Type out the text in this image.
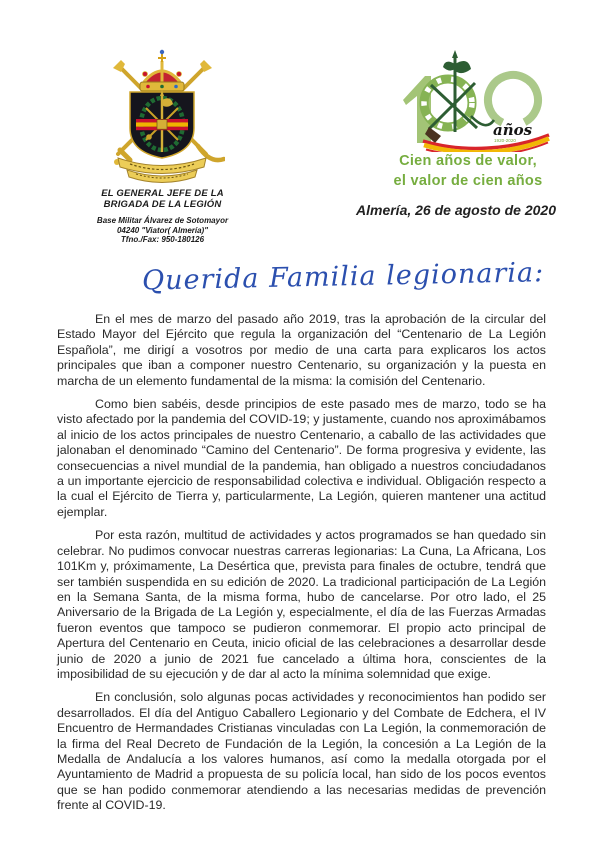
EL GENERAL JEFE DE LA
BRIGADA DE LA LEGIÓN
Base Militar Álvarez de Sotomayor
04240 "Viator( Almería)"
Tfno./Fax: 950-180126
años
1920-2020
Cien años de valor,
el valor de cien años
Almería, 26 de agosto de 2020
Querida Familia legionaria:

En el mes de marzo del pasado año 2019, tras la aprobación de la circular del Estado Mayor del Ejército que regula la organización del “Centenario de La Legión Española”, me dirigí a vosotros por medio de una carta para explicaros los actos principales que iban a componer nuestro Centenario, su organización y la puesta en marcha de un elemento fundamental de la misma: la comisión del Centenario.

Como bien sabéis, desde principios de este pasado mes de marzo, todo se ha visto afectado por la pandemia del COVID-19; y justamente, cuando nos aproximábamos al inicio de los actos principales de nuestro Centenario, a caballo de las actividades que jalonaban el denominado “Camino del Centenario”. De forma progresiva y evidente, las consecuencias a nivel mundial de la pandemia, han obligado a nuestros conciudadanos a un importante ejercicio de responsabilidad colectiva e individual. Obligación respecto a la cual el Ejército de Tierra y, particularmente, La Legión, quieren mantener una actitud ejemplar.

Por esta razón, multitud de actividades y actos programados se han quedado sin celebrar. No pudimos convocar nuestras carreras legionarias: La Cuna, La Africana, Los 101Km y, próximamente, La Desértica que, prevista para finales de octubre, tendrá que ser también suspendida en su edición de 2020. La tradicional participación de La Legión en la Semana Santa, de la misma forma, hubo de cancelarse. Por otro lado, el 25 Aniversario de la Brigada de La Legión y, especialmente, el día de las Fuerzas Armadas fueron eventos que tampoco se pudieron conmemorar. El propio acto principal de Apertura del Centenario en Ceuta, inicio oficial de las celebraciones a desarrollar desde junio de 2020 a junio de 2021 fue cancelado a última hora, conscientes de la imposibilidad de su ejecución y de dar al acto la mínima solemnidad que exige.

En conclusión, solo algunas pocas actividades y reconocimientos han podido ser desarrollados. El día del Antiguo Caballero Legionario y del Combate de Edchera, el IV Encuentro de Hermandades Cristianas vinculadas con La Legión, la conmemoración de la firma del Real Decreto de Fundación de la Legión, la concesión a La Legión de la Medalla de Andalucía a los valores humanos, así como la medalla otorgada por el Ayuntamiento de Madrid a propuesta de su policía local, han sido de los pocos eventos que se han podido conmemorar atendiendo a las necesarias medidas de prevención frente al COVID-19.
